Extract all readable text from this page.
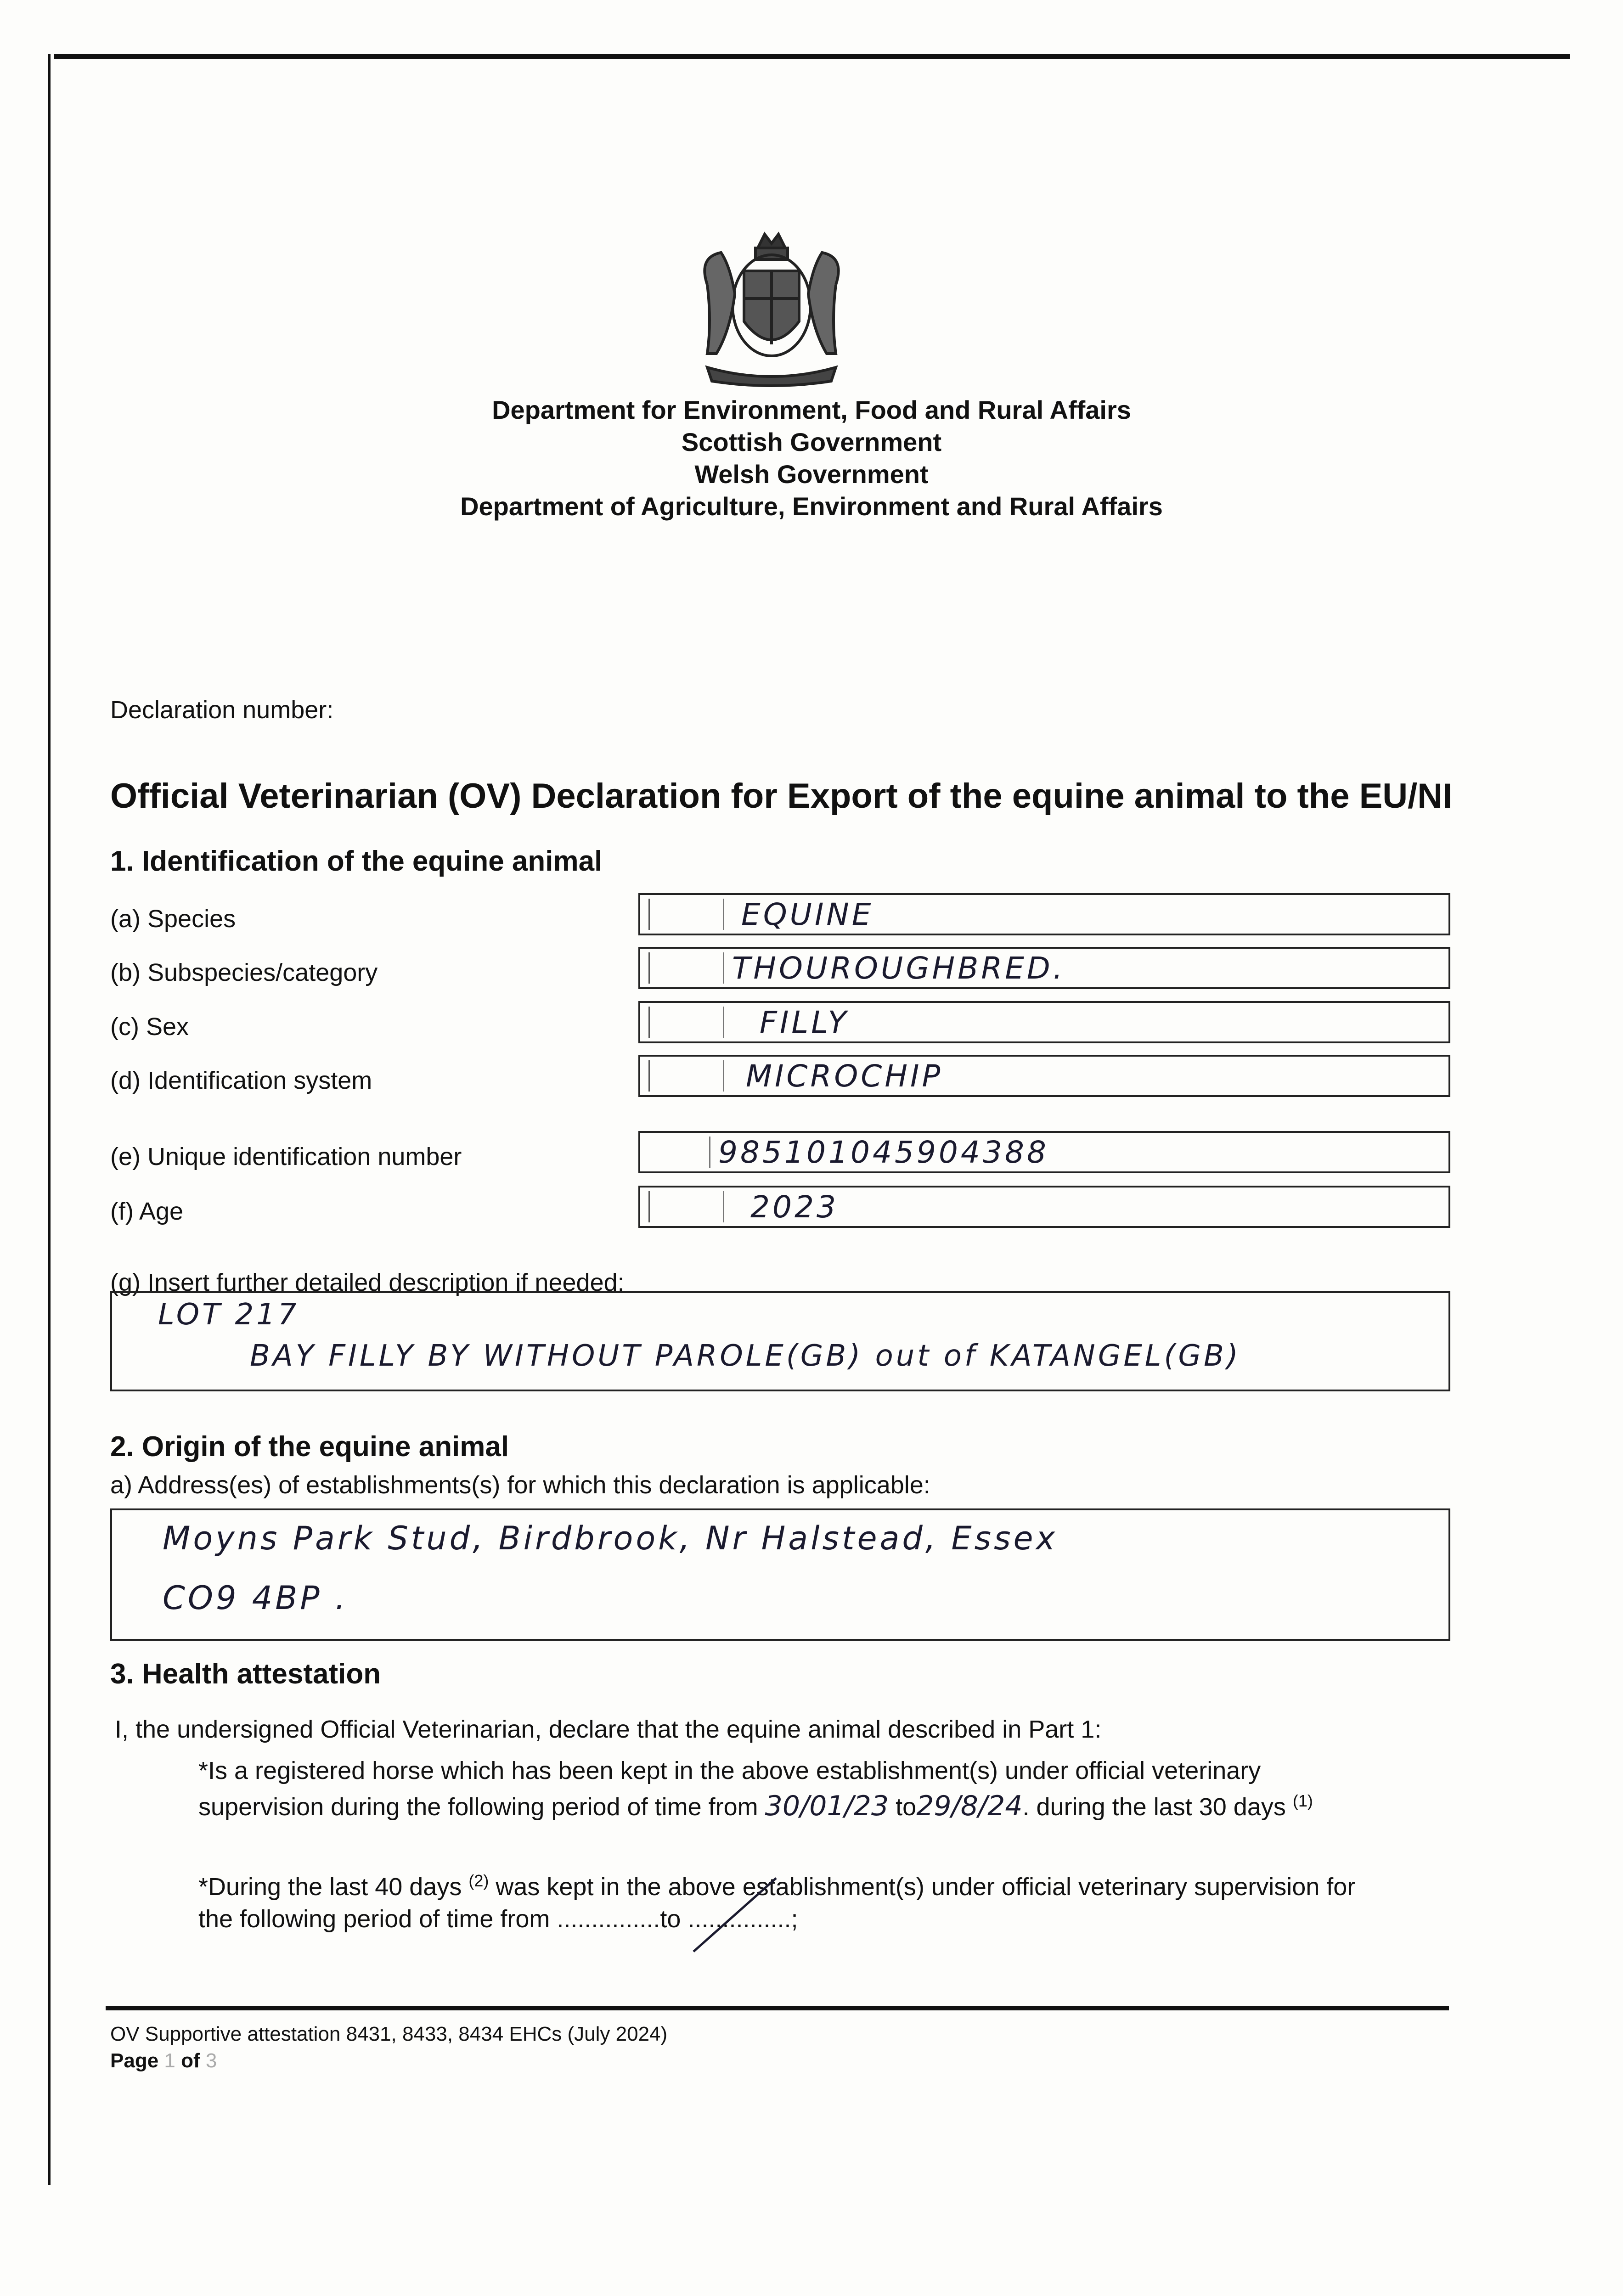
Department for Environment, Food and Rural Affairs
Scottish Government
Welsh Government
Department of Agriculture, Environment and Rural Affairs
Declaration number:
Official Veterinarian (OV) Declaration for Export of the equine animal to the EU/NI
1. Identification of the equine animal
(a) Species	EQUINE
(b) Subspecies/category	THOUROUGHBRED.
(c) Sex	FILLY
(d) Identification system	MICROCHIP
(e) Unique identification number	985101045904388
(f) Age	2023
(g) Insert further detailed description if needed:
LOT 217
BAY FILLY BY WITHOUT PAROLE(GB) out of KATANGEL(GB)
2. Origin of the equine animal
a) Address(es) of establishments(s) for which this declaration is applicable:
Moyns Park Stud, Birdbrook, Nr Halstead, Essex
CO9 4BP .
3. Health attestation
I, the undersigned Official Veterinarian, declare that the equine animal described in Part 1:
*Is a registered horse which has been kept in the above establishment(s) under official veterinary
supervision during the following period of time from 30/01/23 to29/8/24. during the last 30 days $^{(1)}$
*During the last 40 days $^{(2)}$ was kept in the above establishment(s) under official veterinary supervision for
the following period of time from ...............to ...............;
OV Supportive attestation 8431, 8433, 8434 EHCs (July 2024)
Page 1 of 3
